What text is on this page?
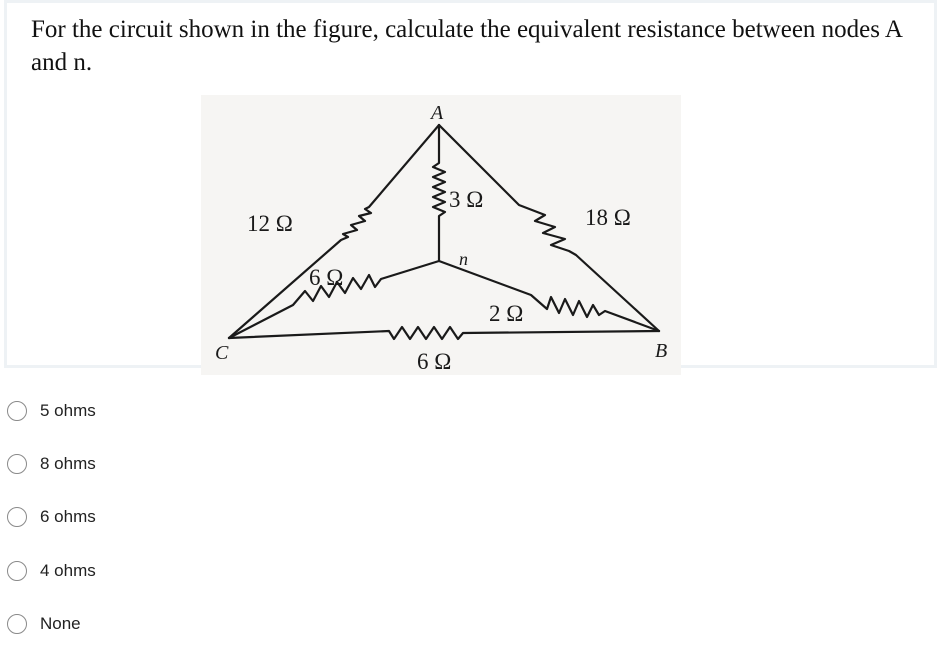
For the circuit shown in the figure, calculate the equivalent resistance between nodes A and n.

A
B
C
n
12 Ω	18 Ω
3 Ω
6 Ω
2 Ω
6 Ω
5 ohms
8 ohms
6 ohms
4 ohms
None
